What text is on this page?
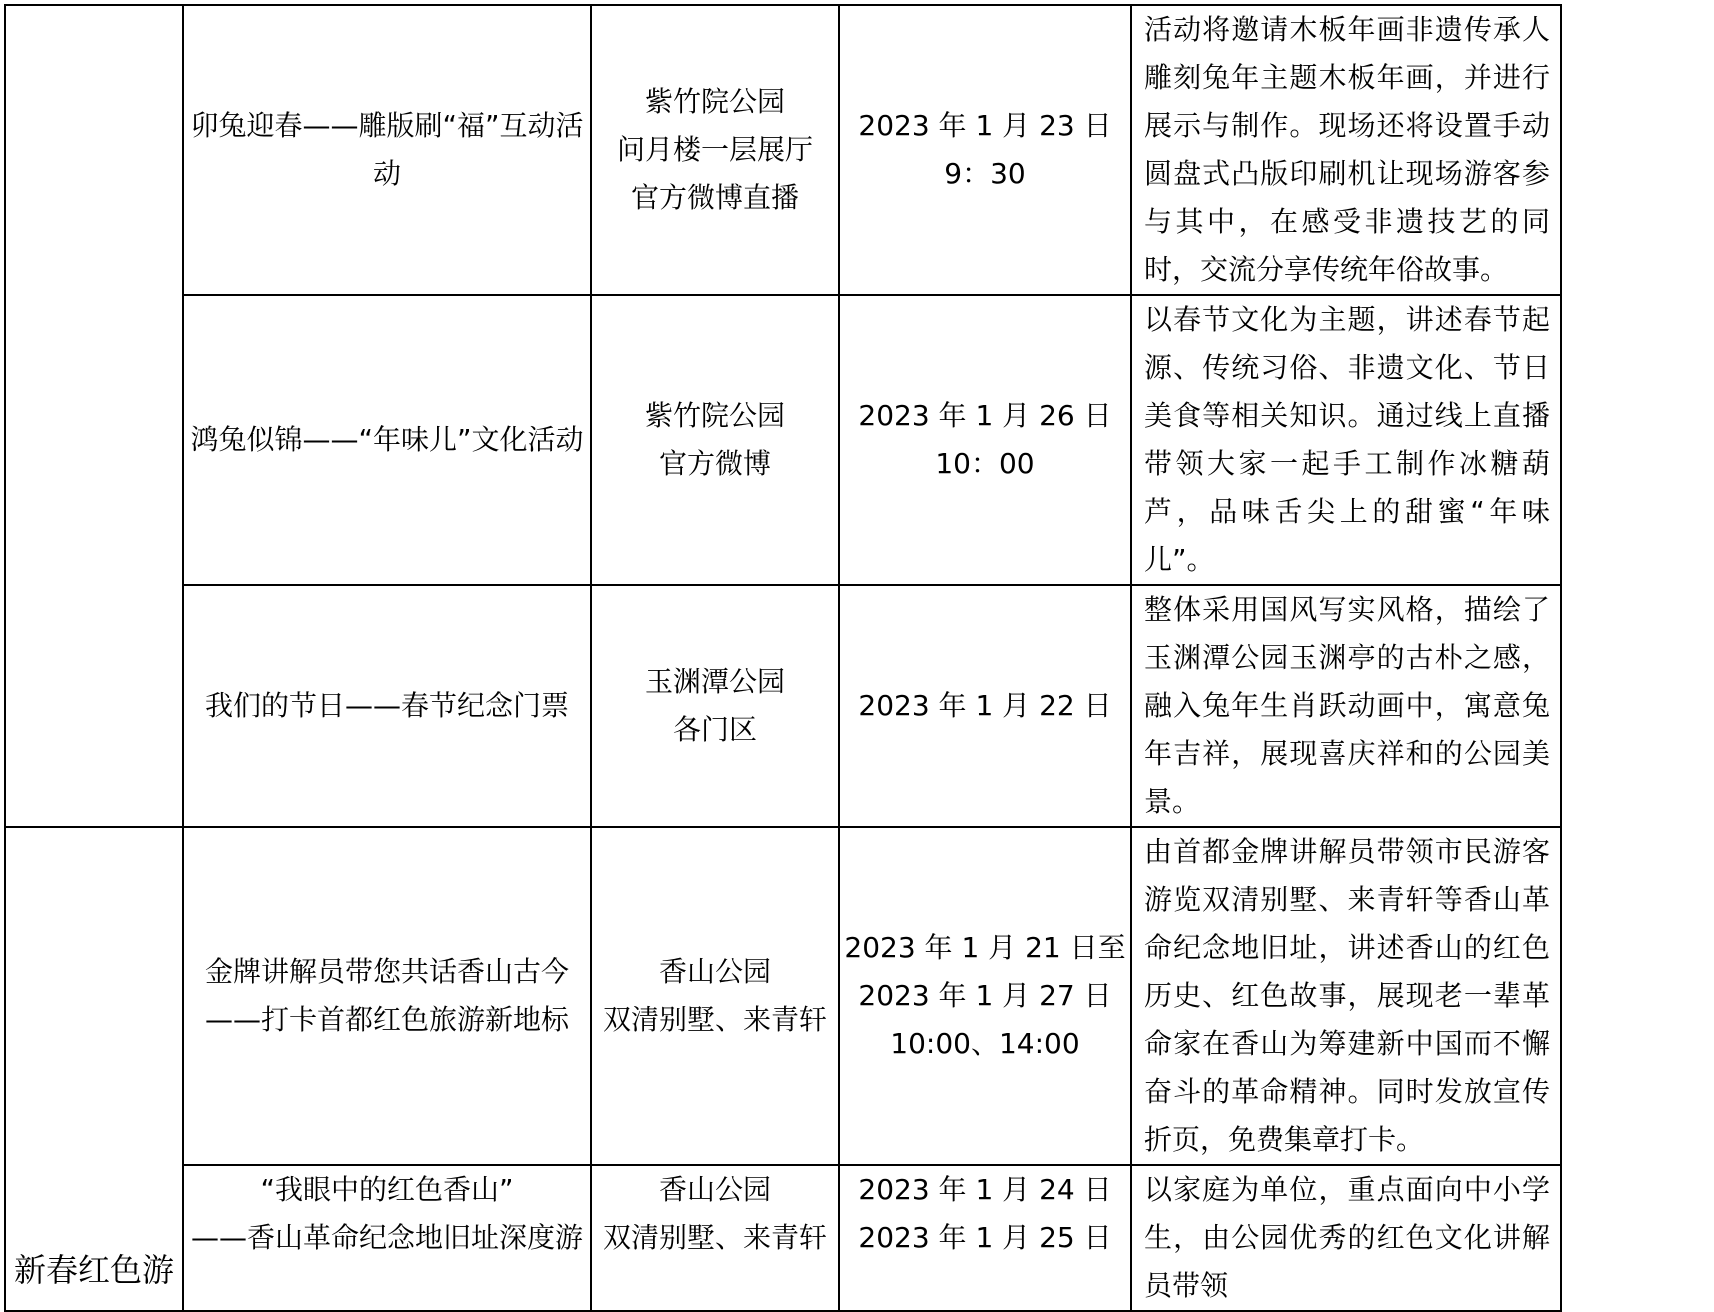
	卯兔迎春——雕版刷“福”互动活动	紫竹院公园
问月楼一层展厅
官方微博直播	2023 年 1 月 23 日
9：30	活动将邀请木板年画非遗传承人雕刻兔年主题木板年画，并进行展示与制作。现场还将设置手动圆盘式凸版印刷机让现场游客参与其中，在感受非遗技艺的同时，交流分享传统年俗故事。

	鸿兔似锦——“年味儿”文化活动	紫竹院公园
官方微博	2023 年 1 月 26 日
10：00	以春节文化为主题，讲述春节起源、传统习俗、非遗文化、节日美食等相关知识。通过线上直播带领大家一起手工制作冰糖葫芦，品味舌尖上的甜蜜“年味儿”。

	我们的节日——春节纪念门票	玉渊潭公园
各门区	2023 年 1 月 22 日	整体采用国风写实风格，描绘了玉渊潭公园玉渊亭的古朴之感，融入兔年生肖跃动画中，寓意兔年吉祥，展现喜庆祥和的公园美景。
新春红色游	金牌讲解员带您共话香山古今
——打卡首都红色旅游新地标	香山公园
双清别墅、来青轩	2023 年 1 月 21 日至
2023 年 1 月 27 日
10:00、14:00	由首都金牌讲解员带领市民游客游览双清别墅、来青轩等香山革命纪念地旧址，讲述香山的红色历史、红色故事，展现老一辈革命家在香山为筹建新中国而不懈奋斗的革命精神。同时发放宣传折页，免费集章打卡。

	“我眼中的红色香山”
——香山革命纪念地旧址深度游	香山公园
双清别墅、来青轩	2023 年 1 月 24 日
2023 年 1 月 25 日	以家庭为单位，重点面向中小学生，由公园优秀的红色文化讲解员带领
